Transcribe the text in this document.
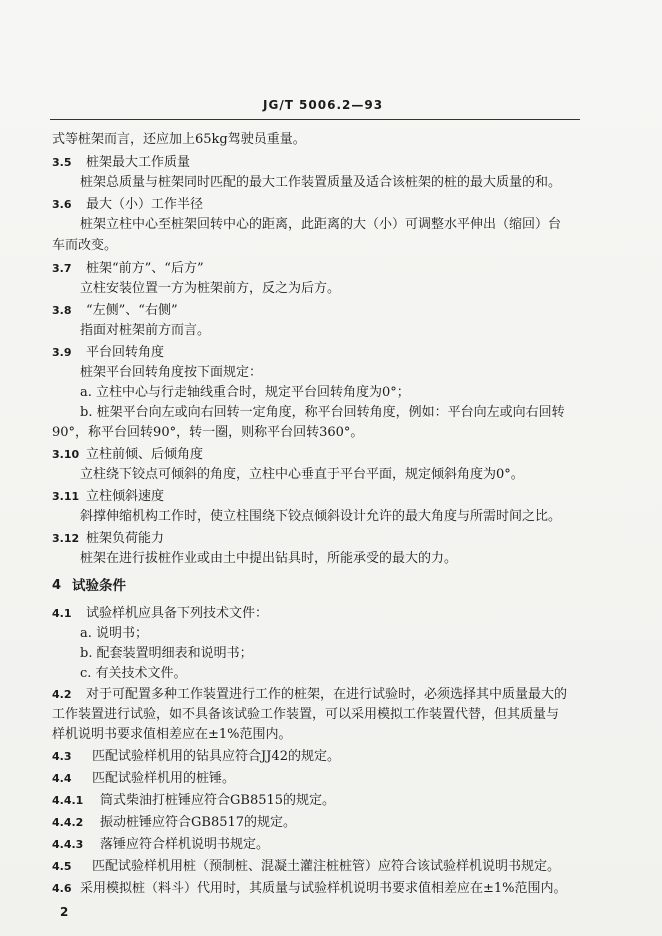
JG/T 5006.2—93
式等桩架而言，还应加上65kg驾驶员重量。
3.5 桩架最大工作质量
桩架总质量与桩架同时匹配的最大工作装置质量及适合该桩架的桩的最大质量的和。
3.6 最大（小）工作半径
桩架立柱中心至桩架回转中心的距离，此距离的大（小）可调整水平伸出（缩回）台
车而改变。
3.7 桩架“前方”、“后方”
立柱安装位置一方为桩架前方，反之为后方。
3.8 “左侧”、“右侧”
指面对桩架前方而言。
3.9 平台回转角度
桩架平台回转角度按下面规定：
a. 立柱中心与行走轴线重合时，规定平台回转角度为0°；
b. 桩架平台向左或向右回转一定角度，称平台回转角度，例如：平台向左或向右回转
90°，称平台回转90°，转一圈，则称平台回转360°。
3.10 立柱前倾、后倾角度
立柱绕下铰点可倾斜的角度，立柱中心垂直于平台平面，规定倾斜角度为0°。
3.11 立柱倾斜速度
斜撑伸缩机构工作时，使立柱围绕下铰点倾斜设计允许的最大角度与所需时间之比。
3.12 桩架负荷能力
桩架在进行拔桩作业或由土中提出钻具时，所能承受的最大的力。
4 试验条件
4.1 试验样机应具备下列技术文件：
a. 说明书；
b. 配套装置明细表和说明书；
c. 有关技术文件。
4.2 对于可配置多种工作装置进行工作的桩架，在进行试验时，必须选择其中质量最大的
工作装置进行试验，如不具备该试验工作装置，可以采用模拟工作装置代替，但其质量与
样机说明书要求值相差应在±1%范围内。
4.3 匹配试验样机用的钻具应符合JJ42的规定。
4.4 匹配试验样机用的桩锤。
4.4.1 筒式柴油打桩锤应符合GB8515的规定。
4.4.2 振动桩锤应符合GB8517的规定。
4.4.3 落锤应符合样机说明书规定。
4.5 匹配试验样机用桩（预制桩、混凝土灌注桩桩管）应符合该试验样机说明书规定。
4.6 采用模拟桩（料斗）代用时，其质量与试验样机说明书要求值相差应在±1%范围内。
2
